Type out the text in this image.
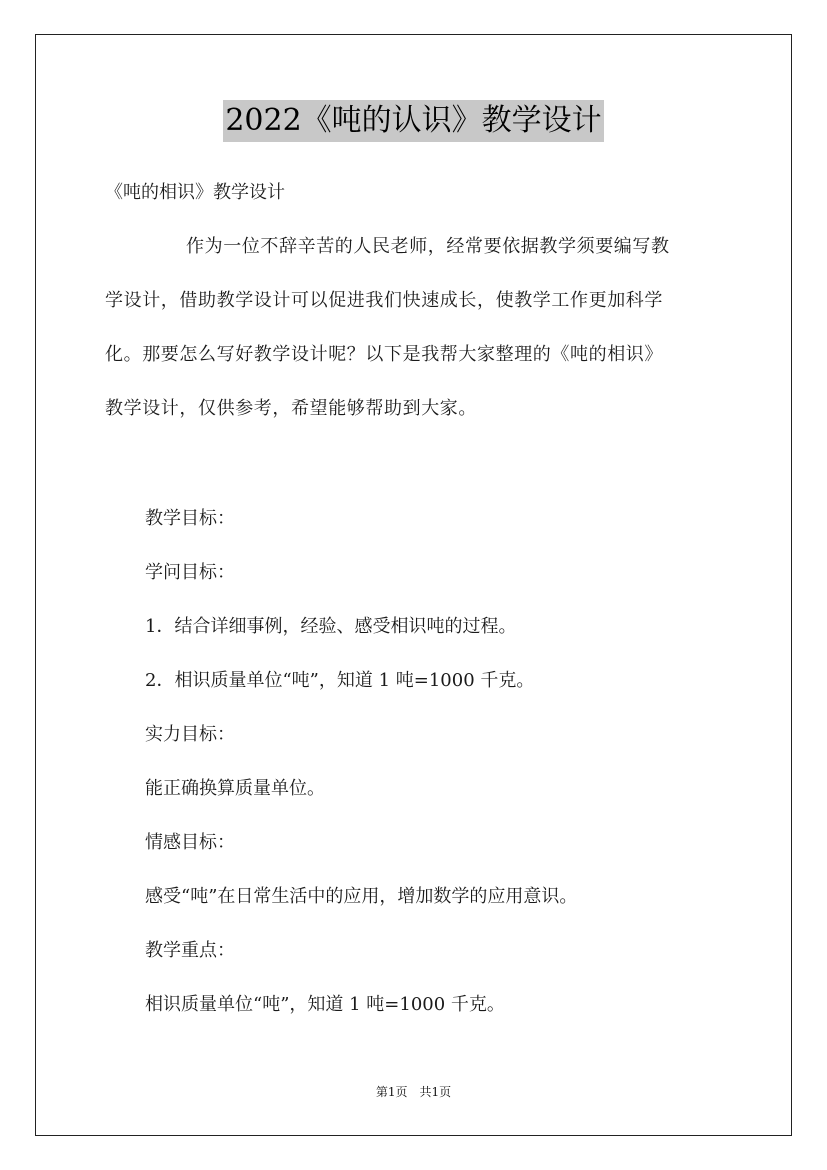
2022《吨的认识》教学设计
《吨的相识》教学设计
作为一位不辞辛苦的人民老师，经常要依据教学须要编写教
学设计，借助教学设计可以促进我们快速成长，使教学工作更加科学
化。那要怎么写好教学设计呢？以下是我帮大家整理的《吨的相识》
教学设计，仅供参考，希望能够帮助到大家。
教学目标：
学问目标：
1．结合详细事例，经验、感受相识吨的过程。
2．相识质量单位“吨”，知道 1 吨=1000 千克。
实力目标：
能正确换算质量单位。
情感目标：
感受“吨”在日常生活中的应用，增加数学的应用意识。
教学重点：
相识质量单位“吨”，知道 1 吨=1000 千克。
第1页　共1页
